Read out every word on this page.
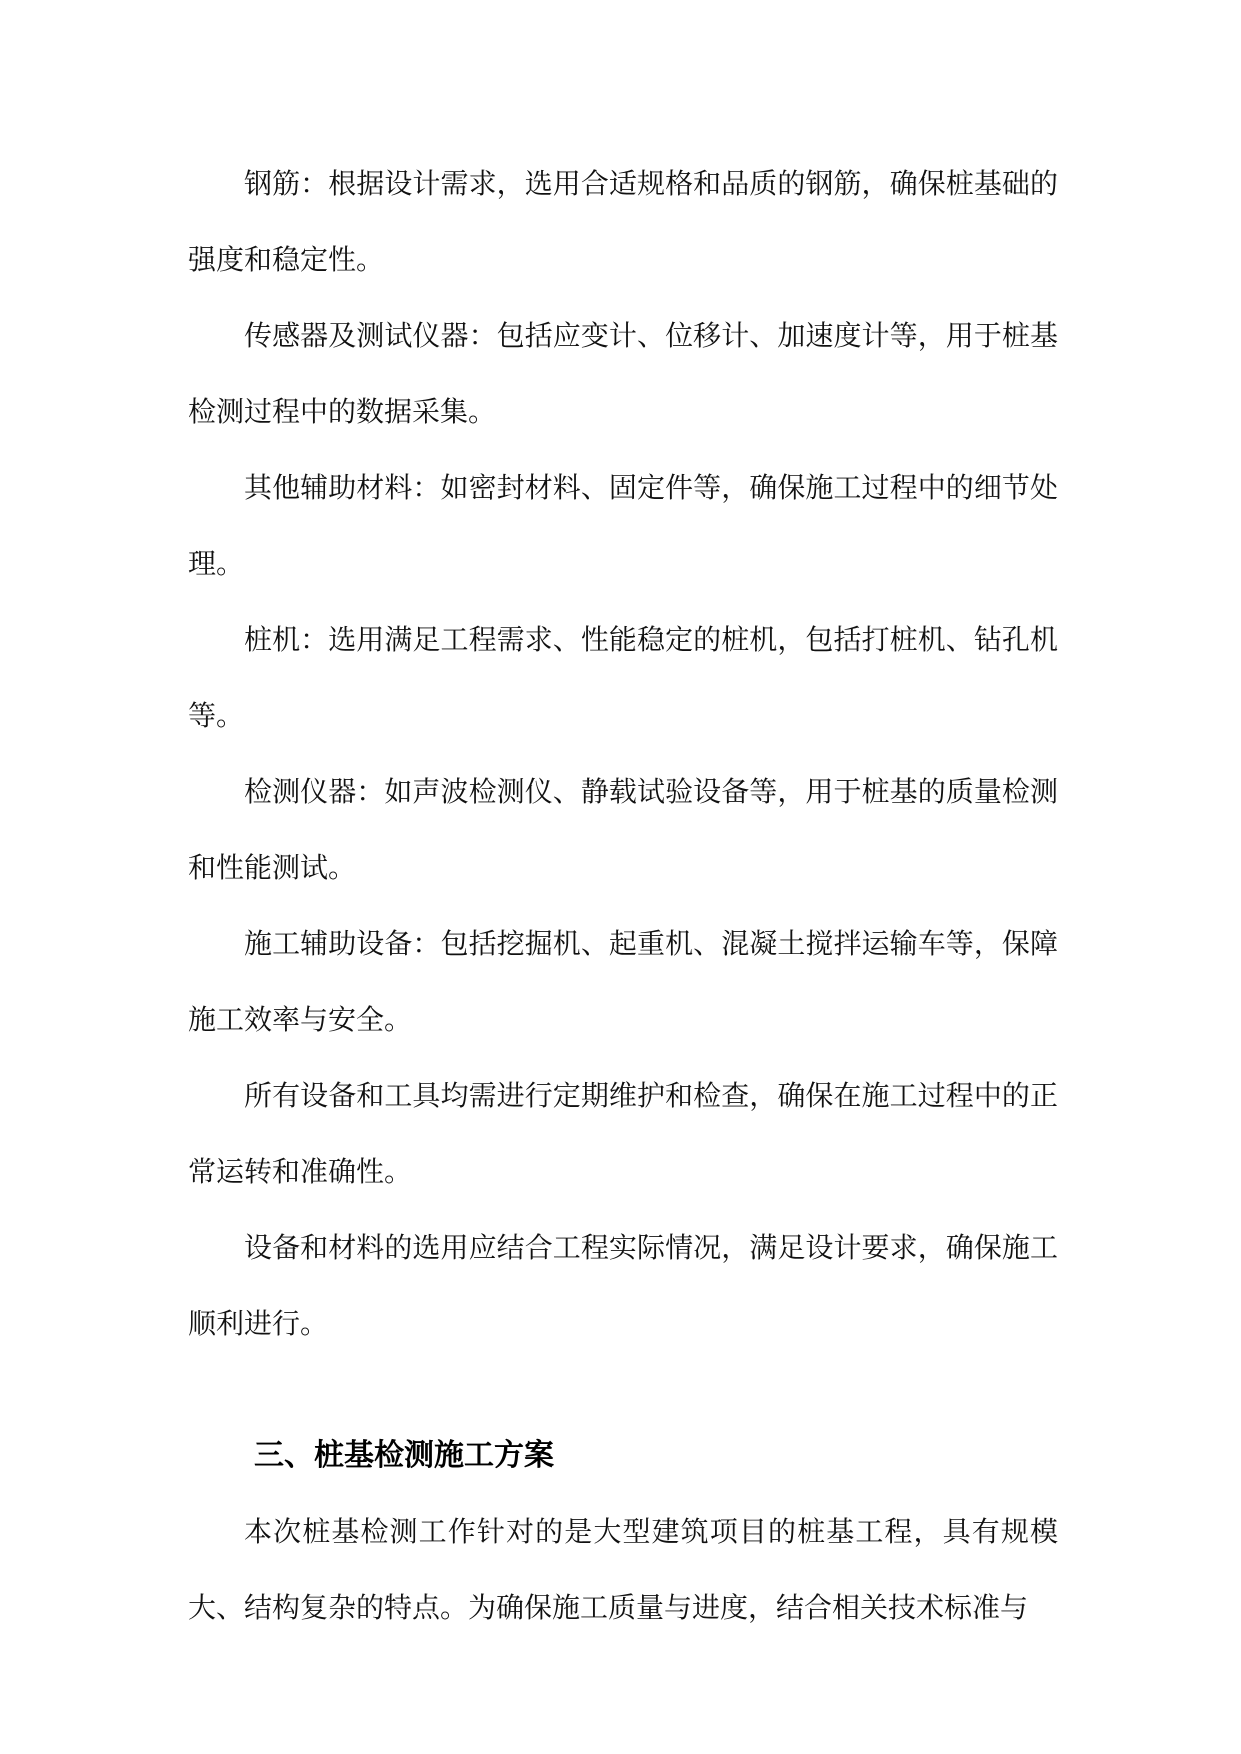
钢筋：根据设计需求，选用合适规格和品质的钢筋，确保桩基础的强度和稳定性。

传感器及测试仪器：包括应变计、位移计、加速度计等，用于桩基检测过程中的数据采集。

其他辅助材料：如密封材料、固定件等，确保施工过程中的细节处理。

桩机：选用满足工程需求、性能稳定的桩机，包括打桩机、钻孔机等。

检测仪器：如声波检测仪、静载试验设备等，用于桩基的质量检测和性能测试。

施工辅助设备：包括挖掘机、起重机、混凝土搅拌运输车等，保障施工效率与安全。

所有设备和工具均需进行定期维护和检查，确保在施工过程中的正常运转和准确性。

设备和材料的选用应结合工程实际情况，满足设计要求，确保施工顺利进行。

三、桩基检测施工方案

本次桩基检测工作针对的是大型建筑项目的桩基工程，具有规模大、结构复杂的特点。为确保施工质量与进度，结合相关技术标准与
